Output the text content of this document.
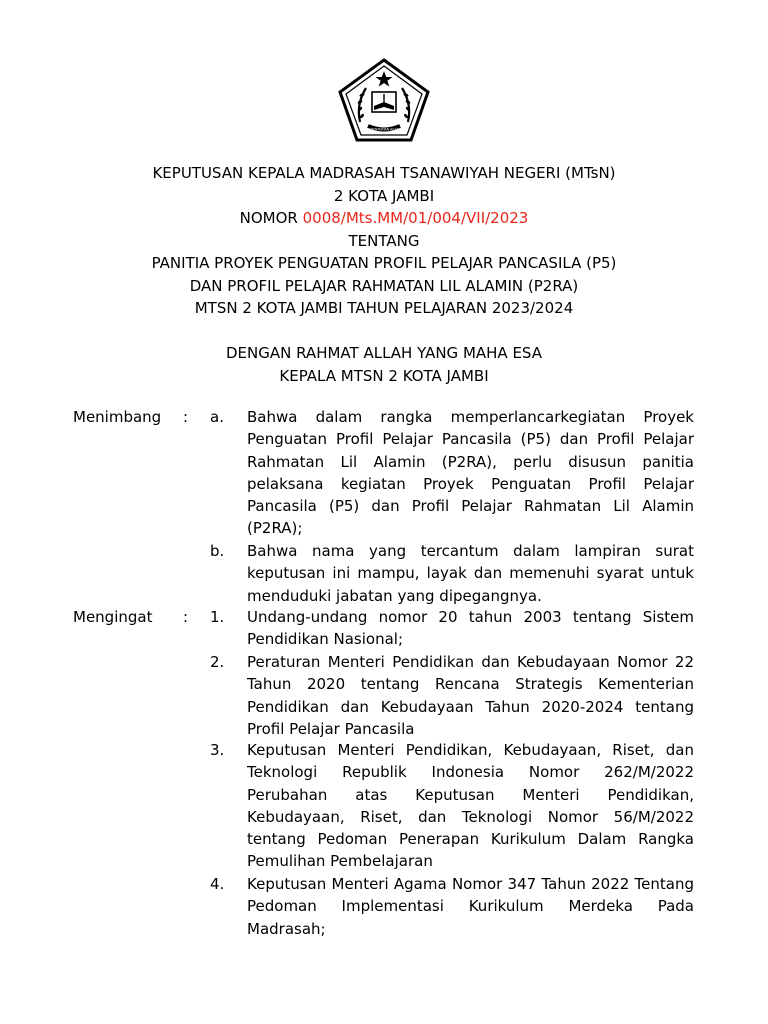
KEMENTERIAN AGAMA
KEPUTUSAN KEPALA MADRASAH TSANAWIYAH NEGERI (MTsN)
2 KOTA JAMBI
NOMOR 0008/Mts.MM/01/004/VII/2023
TENTANG
PANITIA PROYEK PENGUATAN PROFIL PELAJAR PANCASILA (P5)
DAN PROFIL PELAJAR RAHMATAN LIL ALAMIN (P2RA)
MTSN 2 KOTA JAMBI TAHUN PELAJARAN 2023/2024
DENGAN RAHMAT ALLAH YANG MAHA ESA
KEPALA MTSN 2 KOTA JAMBI
Menimbang : a. Bahwa dalam rangka memperlancarkegiatan Proyek Penguatan Profil Pelajar Pancasila (P5) dan Profil Pelajar Rahmatan Lil Alamin (P2RA), perlu disusun panitia pelaksana kegiatan Proyek Penguatan Profil Pelajar Pancasila (P5) dan Profil Pelajar Rahmatan Lil Alamin (P2RA);
b. Bahwa nama yang tercantum dalam lampiran surat keputusan ini mampu, layak dan memenuhi syarat untuk menduduki jabatan yang dipegangnya.
Mengingat : 1. Undang-undang nomor 20 tahun 2003 tentang Sistem Pendidikan Nasional;
2. Peraturan Menteri Pendidikan dan Kebudayaan Nomor 22 Tahun 2020 tentang Rencana Strategis Kementerian Pendidikan dan Kebudayaan Tahun 2020-2024 tentang Profil Pelajar Pancasila
3. Keputusan Menteri Pendidikan, Kebudayaan, Riset, dan Teknologi Republik Indonesia Nomor 262/M/2022 Perubahan atas Keputusan Menteri Pendidikan, Kebudayaan, Riset, dan Teknologi Nomor 56/M/2022 tentang Pedoman Penerapan Kurikulum Dalam Rangka Pemulihan Pembelajaran
4. Keputusan Menteri Agama Nomor 347 Tahun 2022 Tentang Pedoman Implementasi Kurikulum Merdeka Pada Madrasah;
